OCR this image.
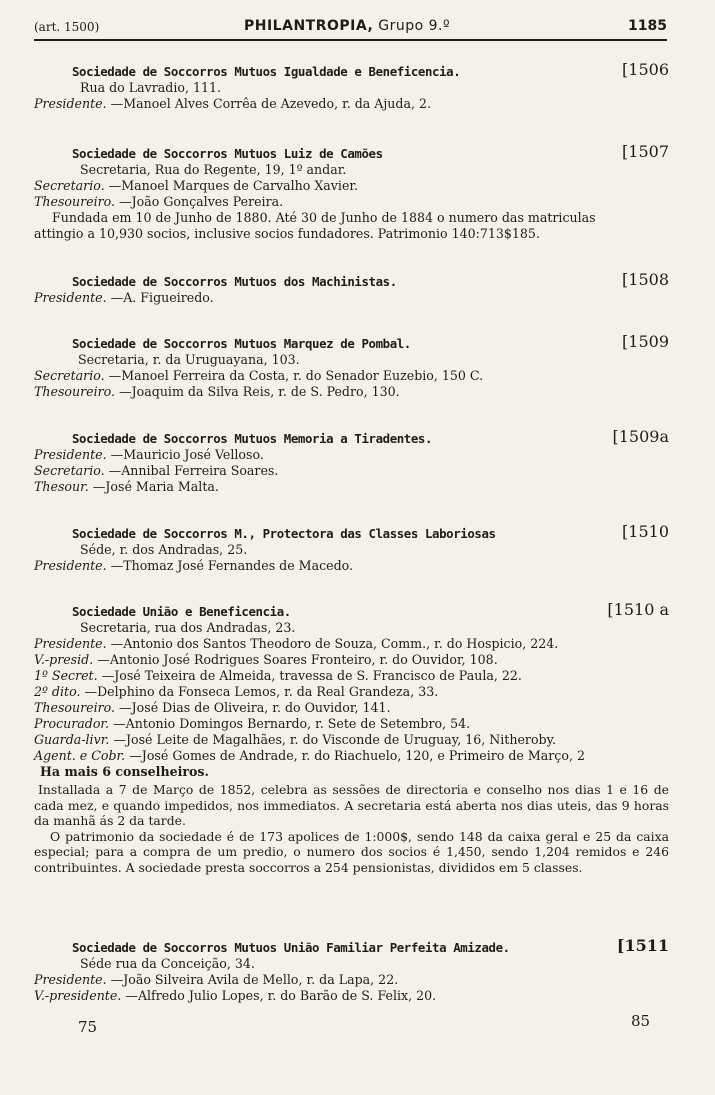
(art. 1500)	PHILANTROPIA, Grupo 9.º	1185
Sociedade de Soccorros Mutuos Igualdade e Beneficencia.	[1506
Rua do Lavradio, 111.
Presidente. —Manoel Alves Corrêa de Azevedo, r. da Ajuda, 2.
Sociedade de Soccorros Mutuos Luiz de Camões	[1507
Secretaria, Rua do Regente, 19, 1º andar.
Secretario. —Manoel Marques de Carvalho Xavier.
Thesoureiro. —João Gonçalves Pereira.
Fundada em 10 de Junho de 1880. Até 30 de Junho de 1884 o numero das matriculas
attingio a 10,930 socios, inclusive socios fundadores. Patrimonio 140:713$185.
Sociedade de Soccorros Mutuos dos Machinistas.	[1508
Presidente. —A. Figueiredo.
Sociedade de Soccorros Mutuos Marquez de Pombal.	[1509
Secretaria, r. da Uruguayana, 103.
Secretario. —Manoel Ferreira da Costa, r. do Senador Euzebio, 150 C.
Thesoureiro. —Joaquim da Silva Reis, r. de S. Pedro, 130.
Sociedade de Soccorros Mutuos Memoria a Tiradentes.	[1509a
Presidente. —Mauricio José Velloso.
Secretario. —Annibal Ferreira Soares.
Thesour. —José Maria Malta.
Sociedade de Soccorros M., Protectora das Classes Laboriosas	[1510
Séde, r. dos Andradas, 25.
Presidente. —Thomaz José Fernandes de Macedo.
Sociedade União e Beneficencia.	[1510 a
Secretaria, rua dos Andradas, 23.
Presidente. —Antonio dos Santos Theodoro de Souza, Comm., r. do Hospicio, 224.
V.-presid. —Antonio José Rodrigues Soares Fronteiro, r. do Ouvidor, 108.
1º Secret. —José Teixeira de Almeida, travessa de S. Francisco de Paula, 22.
2º dito. —Delphino da Fonseca Lemos, r. da Real Grandeza, 33.
Thesoureiro. —José Dias de Oliveira, r. do Ouvidor, 141.
Procurador. —Antonio Domingos Bernardo, r. Sete de Setembro, 54.
Guarda-livr. —José Leite de Magalhães, r. do Visconde de Uruguay, 16, Nitheroby.
Agent. e Cobr. —José Gomes de Andrade, r. do Riachuelo, 120, e Primeiro de Março, 2
Ha mais 6 conselheiros.
Installada a 7 de Março de 1852, celebra as sessões de directoria e conselho nos dias 1 e 16 de cada mez, e quando impedidos, nos immediatos. A secretaria está aberta nos dias uteis, das 9 horas da manhã ás 2 da tarde.
O patrimonio da sociedade é de 173 apolices de 1:000$, sendo 148 da caixa geral e 25 da caixa especial; para a compra de um predio, o numero dos socios é 1,450, sendo 1,204 remidos e 246 contribuintes. A sociedade presta soccorros a 254 pensionistas, divididos em 5 classes.
Sociedade de Soccorros Mutuos União Familiar Perfeita Amizade.	[1511
Séde rua da Conceição, 34.
Presidente. —João Silveira Avila de Mello, r. da Lapa, 22.
V.-presidente. —Alfredo Julio Lopes, r. do Barão de S. Felix, 20.
75	85
